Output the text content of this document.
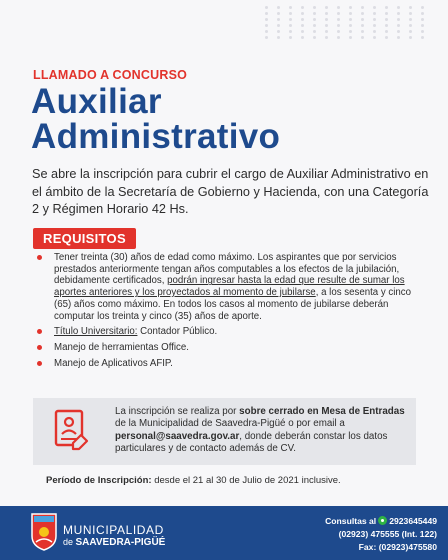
LLAMADO A CONCURSO
Auxiliar
Administrativo

Se abre la inscripción para cubrir el cargo de Auxiliar Administrativo en el ámbito de la Secretaría de Gobierno y Hacienda, con una Categoría 2 y Régimen Horario 42 Hs.

REQUISITOS
Tener treinta (30) años de edad como máximo. Los aspirantes que por servicios prestados anteriormente tengan años computables a los efectos de la jubilación, debidamente certificados, podrán ingresar hasta la edad que resulte de sumar los aportes anteriores y los proyectados al momento de jubilarse, a los sesenta y cinco (65) años como máximo. En todos los casos al momento de jubilarse deberán computar los treinta y cinco (35) años de aporte.
Título Universitario: Contador Público.
Manejo de herramientas Office.
Manejo de Aplicativos AFIP.

La inscripción se realiza por sobre cerrado en Mesa de Entradas de la Municipalidad de Saavedra-Pigüé o por email a personal@saavedra.gov.ar, donde deberán constar los datos particulares y de contacto además de CV.

Período de Inscripción: desde el 21 al 30 de Julio de 2021 inclusive.

MUNICIPALIDAD
de SAAVEDRA-PIGÜÉ
Consultas al 2923645449
(02923) 475555 (Int. 122)
Fax: (02923)475580
